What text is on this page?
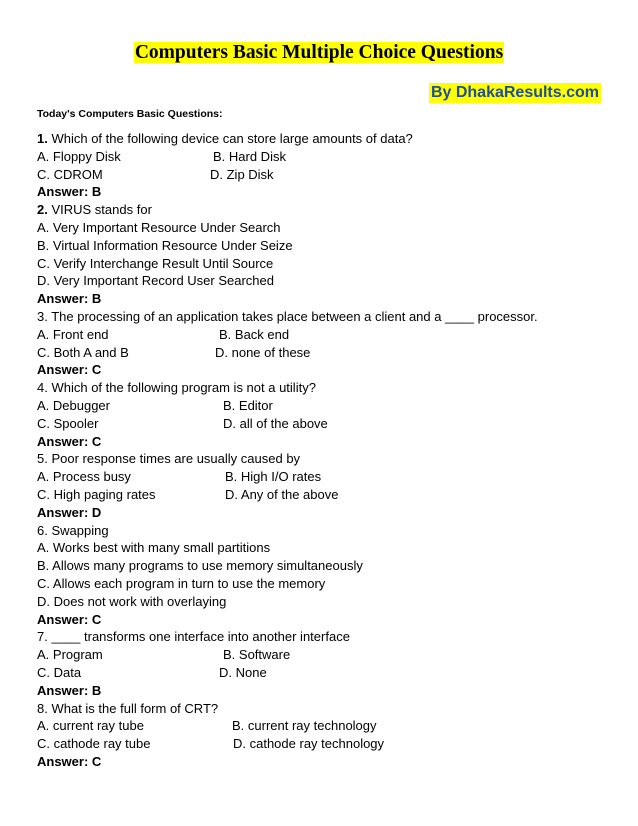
Computers Basic Multiple Choice Questions
By DhakaResults.com
Today's Computers Basic Questions:
1. Which of the following device can store large amounts of data?
A. Floppy Disk	B. Hard Disk
C. CDROM	D. Zip Disk
Answer: B
2. VIRUS stands for
A. Very Important Resource Under Search
B. Virtual Information Resource Under Seize
C. Verify Interchange Result Until Source
D. Very Important Record User Searched
Answer: B
3. The processing of an application takes place between a client and a ____ processor.
A. Front end	B. Back end
C. Both A and B	D. none of these
Answer: C
4. Which of the following program is not a utility?
A. Debugger	B. Editor
C. Spooler	D. all of the above
Answer: C
5. Poor response times are usually caused by
A. Process busy	B. High I/O rates
C. High paging rates	D. Any of the above
Answer: D
6. Swapping
A. Works best with many small partitions
B. Allows many programs to use memory simultaneously
C. Allows each program in turn to use the memory
D. Does not work with overlaying
Answer: C
7. ____ transforms one interface into another interface
A. Program	B. Software
C. Data	D. None
Answer: B
8. What is the full form of CRT?
A. current ray tube	B. current ray technology
C. cathode ray tube	D. cathode ray technology
Answer: C
